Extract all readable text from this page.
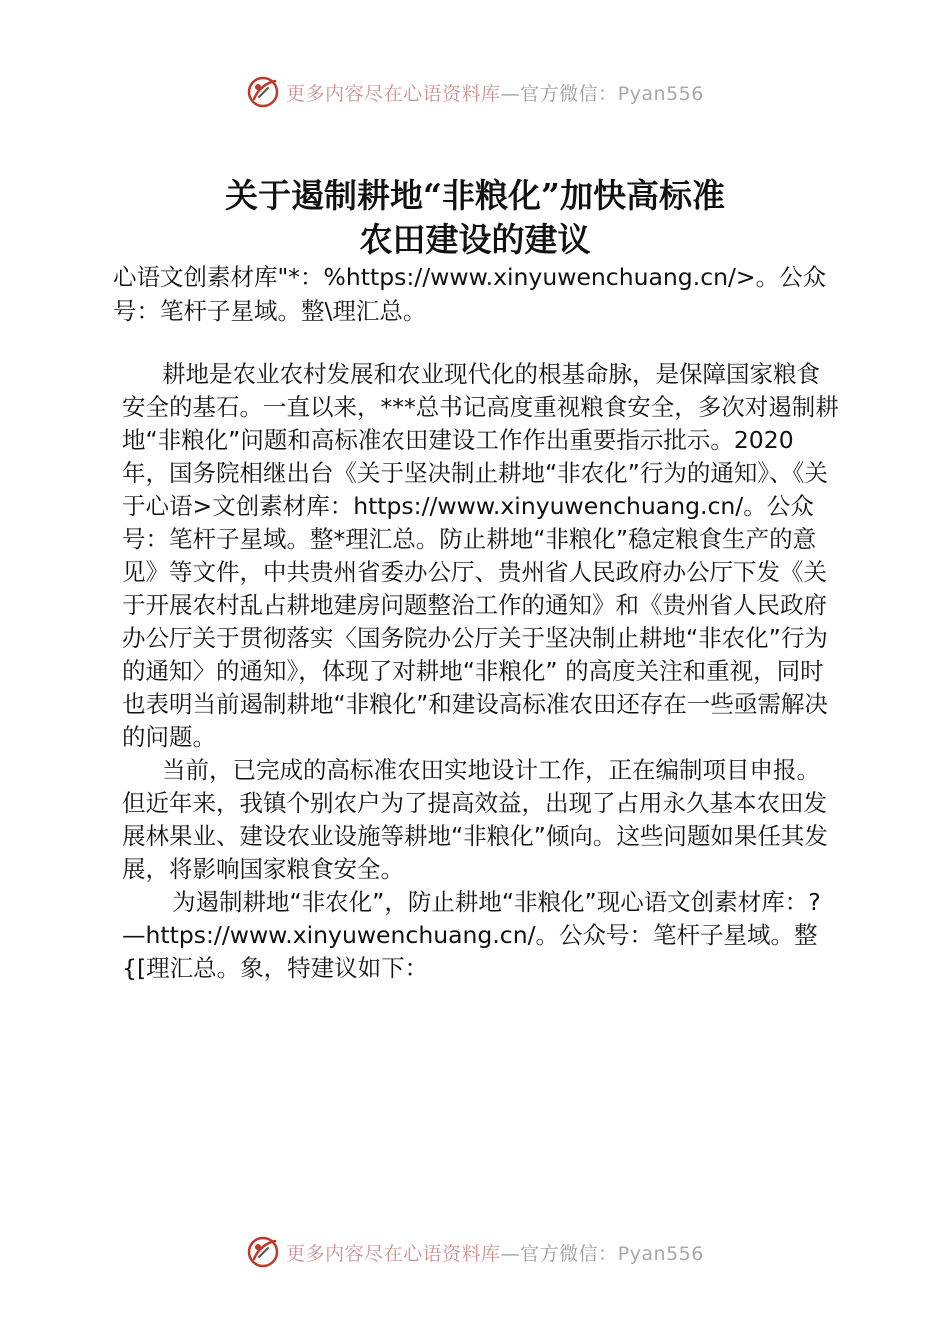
更多内容尽在心语资料库—官方微信：Pyan556
关于遏制耕地“非粮化”加快高标准
农田建设的建议
心语文创素材库"*：%https://www.xinyuwenchuang.cn/>。公众号：笔杆子星域。整\理汇总。

耕地是农业农村发展和农业现代化的根基命脉，是保障国家粮食安全的基石。一直以来，***总书记高度重视粮食安全，多次对遏制耕地“非粮化”问题和高标准农田建设工作作出重要指示批示。2020 年，国务院相继出台《关于坚决制止耕地“非农化”行为的通知》、《关于心语>文创素材库：https://www.xinyuwenchuang.cn/。公众号：笔杆子星域。整*理汇总。防止耕地“非粮化”稳定粮食生产的意见》等文件，中共贵州省委办公厅、贵州省人民政府办公厅下发《关于开展农村乱占耕地建房问题整治工作的通知》和《贵州省人民政府办公厅关于贯彻落实〈国务院办公厅关于坚决制止耕地“非农化”行为的通知〉的通知》，体现了对耕地“非粮化” 的高度关注和重视，同时也表明当前遏制耕地“非粮化”和建设高标准农田还存在一些亟需解决的问题。

当前，已完成的高标准农田实地设计工作，正在编制项目申报。但近年来，我镇个别农户为了提高效益，出现了占用永久基本农田发展林果业、建设农业设施等耕地“非粮化”倾向。这些问题如果任其发展，将影响国家粮食安全。

为遏制耕地“非农化”，防止耕地“非粮化”现心语文创素材库：?—https://www.xinyuwenchuang.cn/。公众号：笔杆子星域。整{[理汇总。象，特建议如下：

更多内容尽在心语资料库—官方微信：Pyan556
